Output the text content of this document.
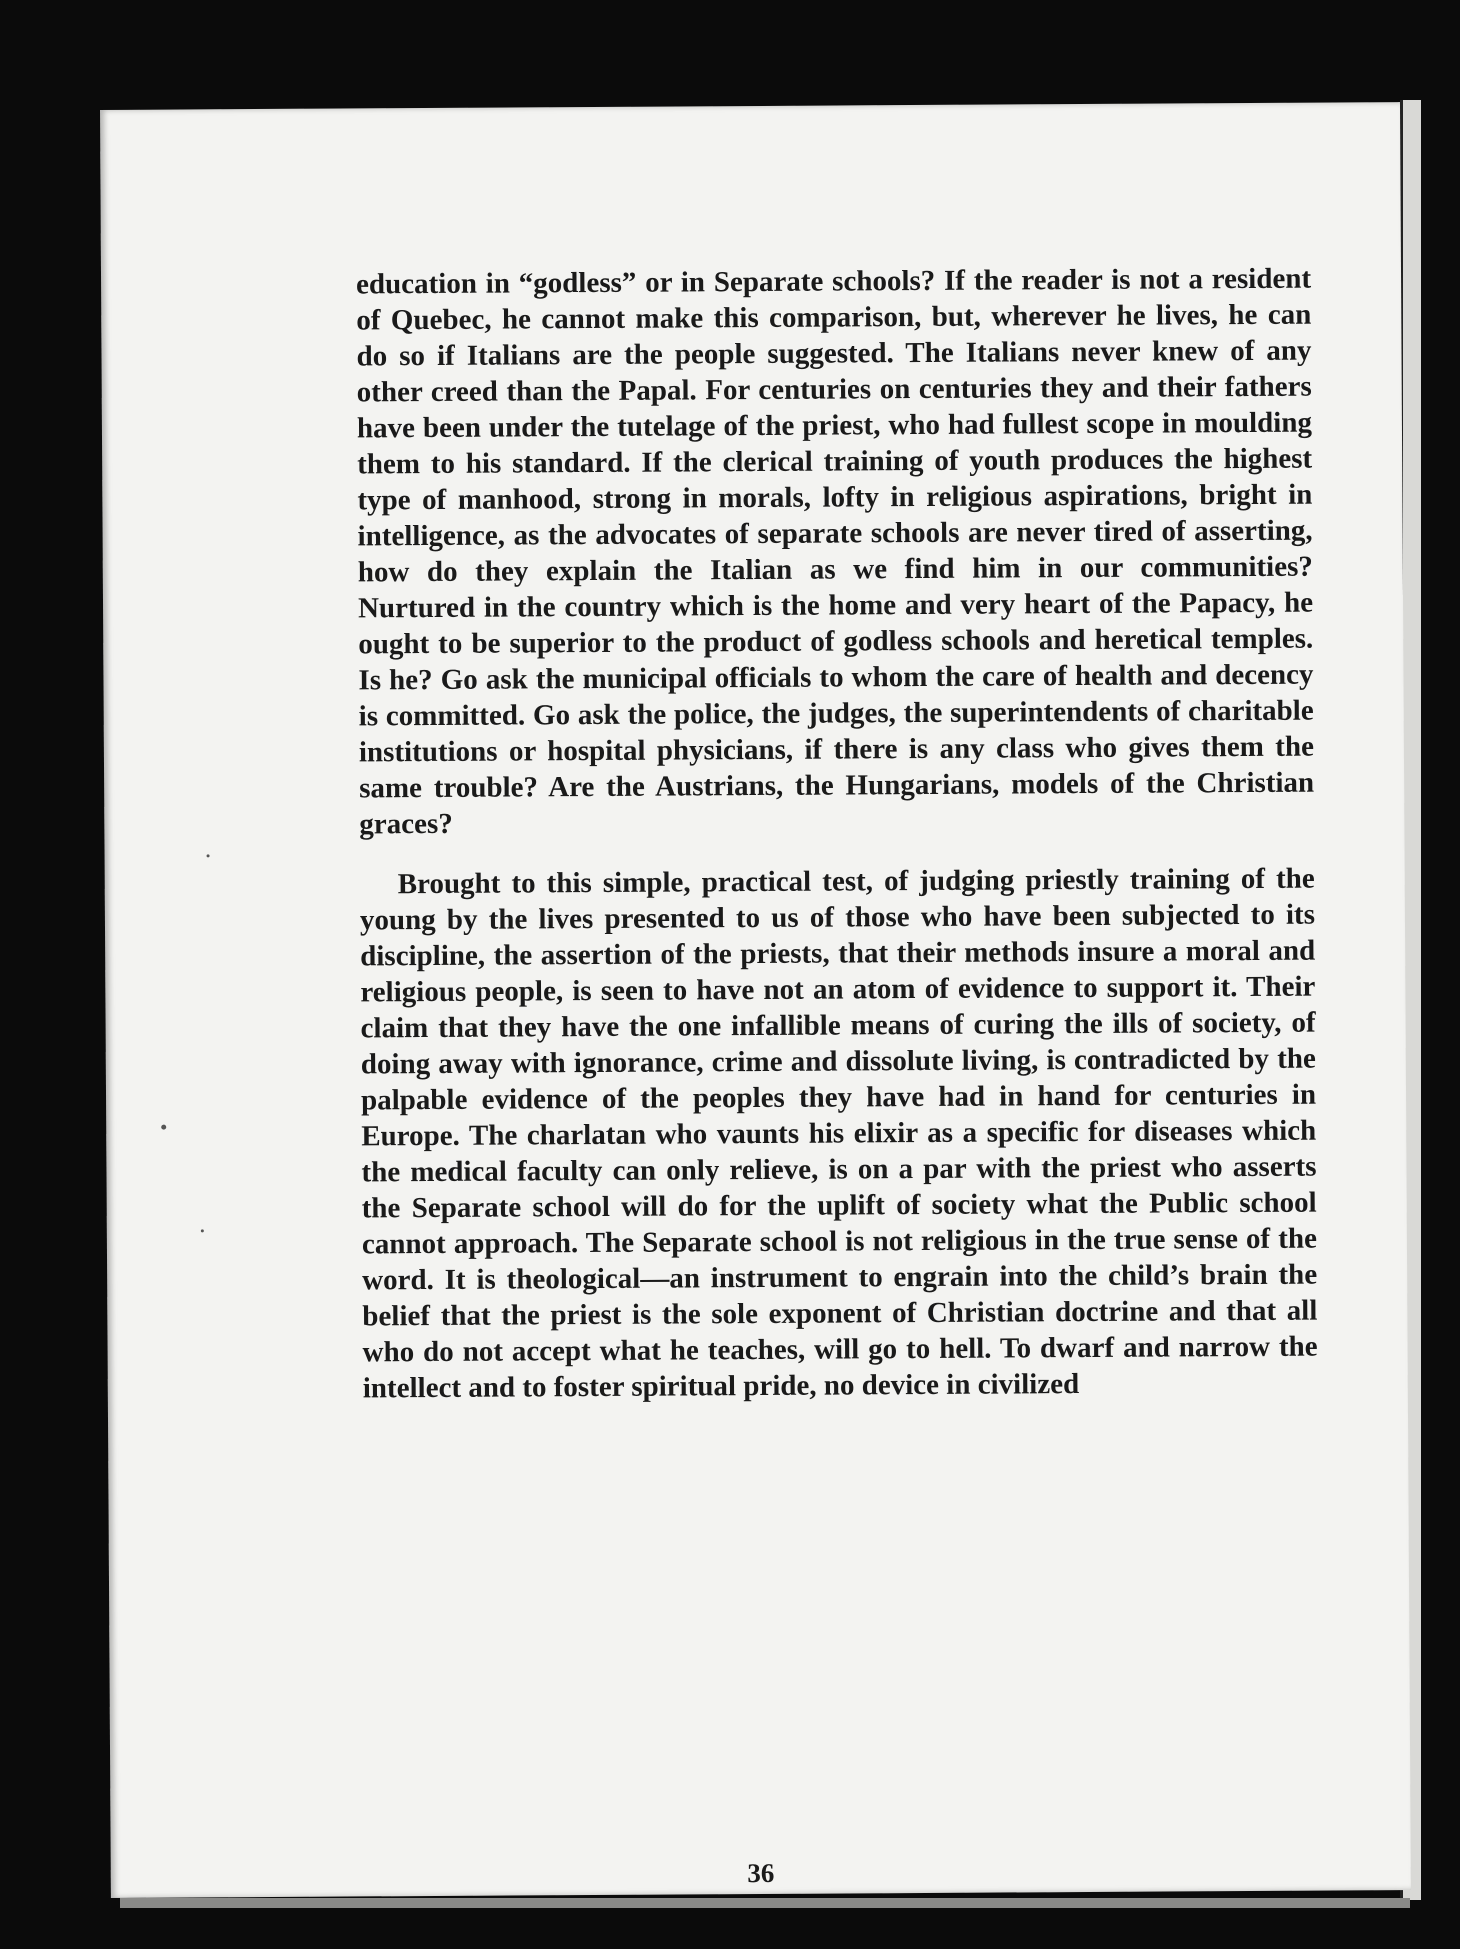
education in “godless” or in Separate schools? If the reader is not a resident of Quebec, he cannot make this comparison, but, wherever he lives, he can do so if Italians are the people suggested. The Italians never knew of any other creed than the Papal. For centuries on centuries they and their fathers have been under the tutelage of the priest, who had fullest scope in moulding them to his standard. If the clerical training of youth produces the highest type of manhood, strong in morals, lofty in religious aspirations, bright in intelligence, as the advocates of separate schools are never tired of asserting, how do they explain the Italian as we find him in our communities? Nurtured in the country which is the home and very heart of the Papacy, he ought to be superior to the product of godless schools and heretical temples. Is he? Go ask the municipal officials to whom the care of health and decency is committed. Go ask the police, the judges, the superintendents of charitable institutions or hospital physicians, if there is any class who gives them the same trouble? Are the Austrians, the Hungarians, models of the Christian graces?

Brought to this simple, practical test, of judging priestly training of the young by the lives presented to us of those who have been subjected to its discipline, the assertion of the priests, that their methods insure a moral and religious people, is seen to have not an atom of evidence to support it. Their claim that they have the one infallible means of curing the ills of society, of doing away with ignorance, crime and dissolute living, is contradicted by the palpable evidence of the peoples they have had in hand for centuries in Europe. The charlatan who vaunts his elixir as a specific for diseases which the medical faculty can only relieve, is on a par with the priest who asserts the Separate school will do for the uplift of society what the Public school cannot approach. The Separate school is not religious in the true sense of the word. It is theological—an instrument to engrain into the child’s brain the belief that the priest is the sole exponent of Christian doctrine and that all who do not accept what he teaches, will go to hell. To dwarf and narrow the intellect and to foster spiritual pride, no device in civilized

36
